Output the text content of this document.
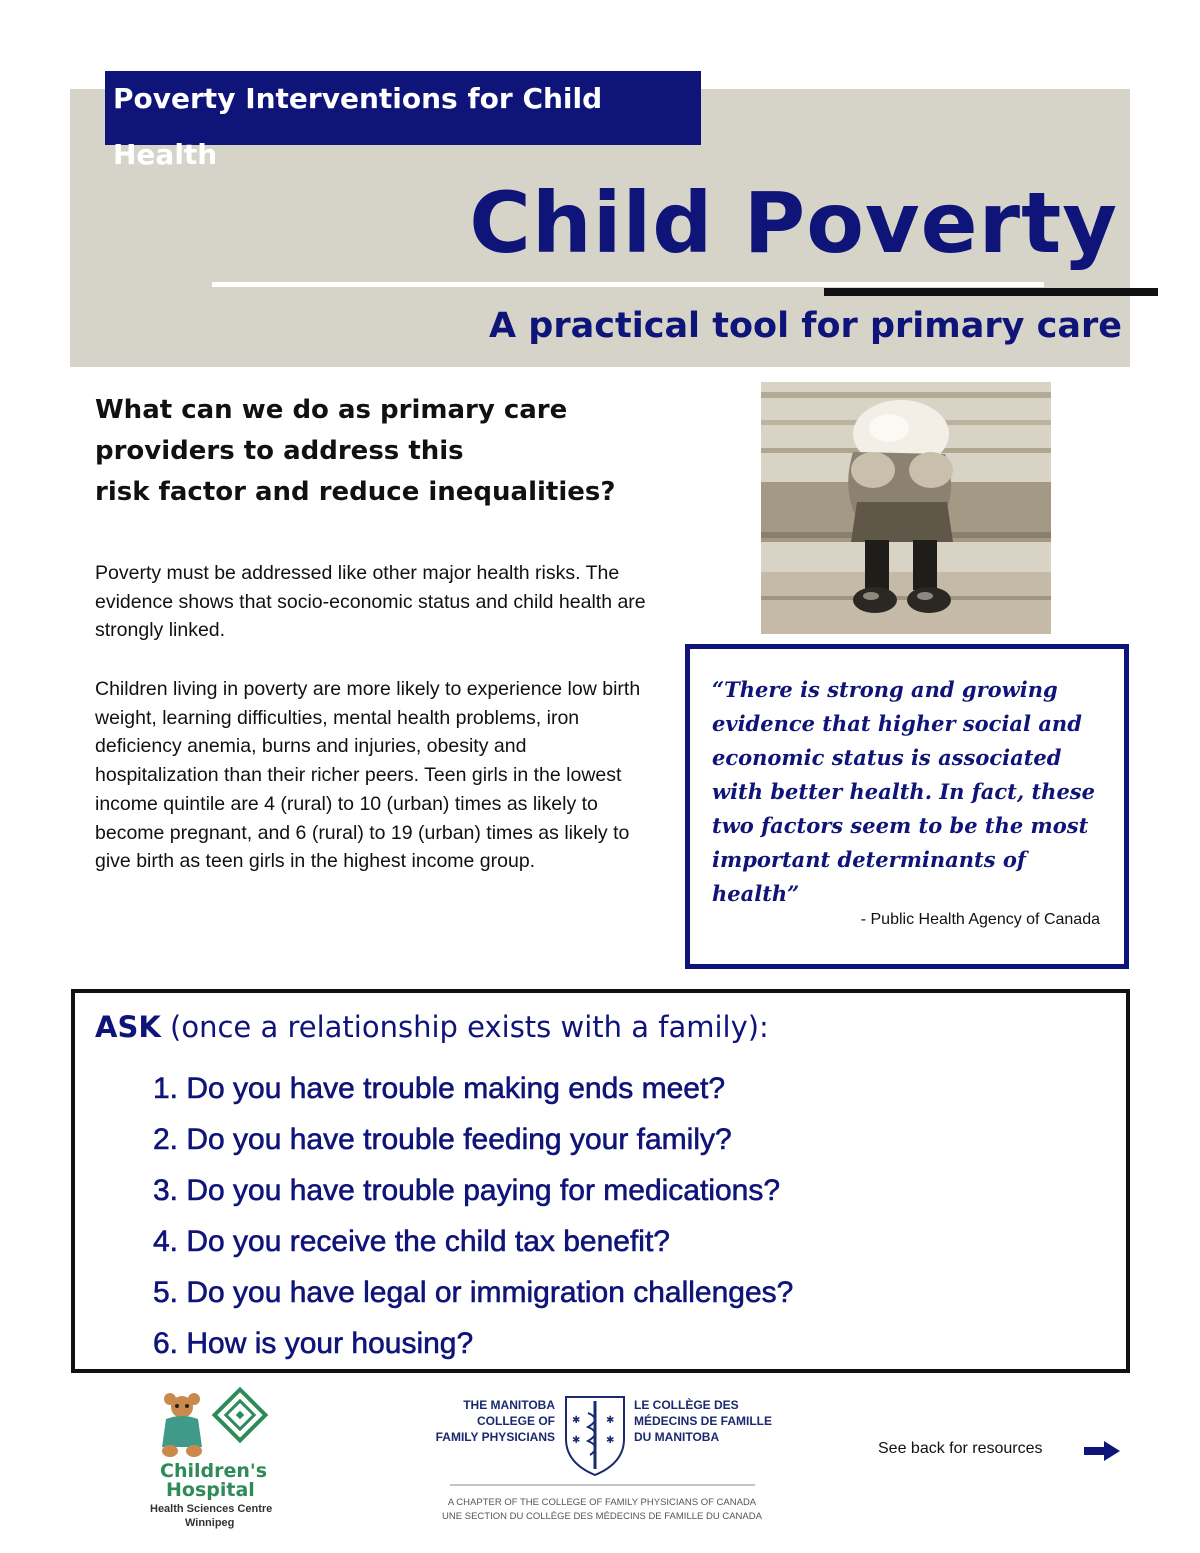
Poverty Interventions for Child Health
Child Poverty
A practical tool for primary care
What can we do as primary care
providers to address this
risk factor and reduce inequalities?
Poverty must be addressed like other major health risks. The evidence shows that socio-economic status and child health are strongly linked.
Children living in poverty are more likely to experience low birth weight, learning difficulties, mental health problems, iron deficiency anemia, burns and injuries, obesity and hospitalization than their richer peers. Teen girls in the lowest income quintile are 4 (rural) to 10 (urban) times as likely to become pregnant, and 6 (rural) to 19 (urban) times as likely to give birth as teen girls in the highest income group.
“There is strong and growing evidence that higher social and economic status is associated with better health. In fact, these two factors seem to be the most important determinants of health”
- Public Health Agency of Canada
ASK (once a relationship exists with a family):
1. Do you have trouble making ends meet?
2. Do you have trouble feeding your family?
3. Do you have trouble paying for medications?
4. Do you receive the child tax benefit?
5. Do you have legal or immigration challenges?
6. How is your housing?
Children's
Hospital
Health Sciences Centre
Winnipeg
THE MANITOBA
COLLEGE OF
FAMILY PHYSICIANS
✱	✱
✱	✱
LE COLLÈGE DES
MÉDECINS DE FAMILLE
DU MANITOBA
A CHAPTER OF THE COLLEGE OF FAMILY PHYSICIANS OF CANADA
UNE SECTION DU COLLÈGE DES MÉDECINS DE FAMILLE DU CANADA
See back for resources
